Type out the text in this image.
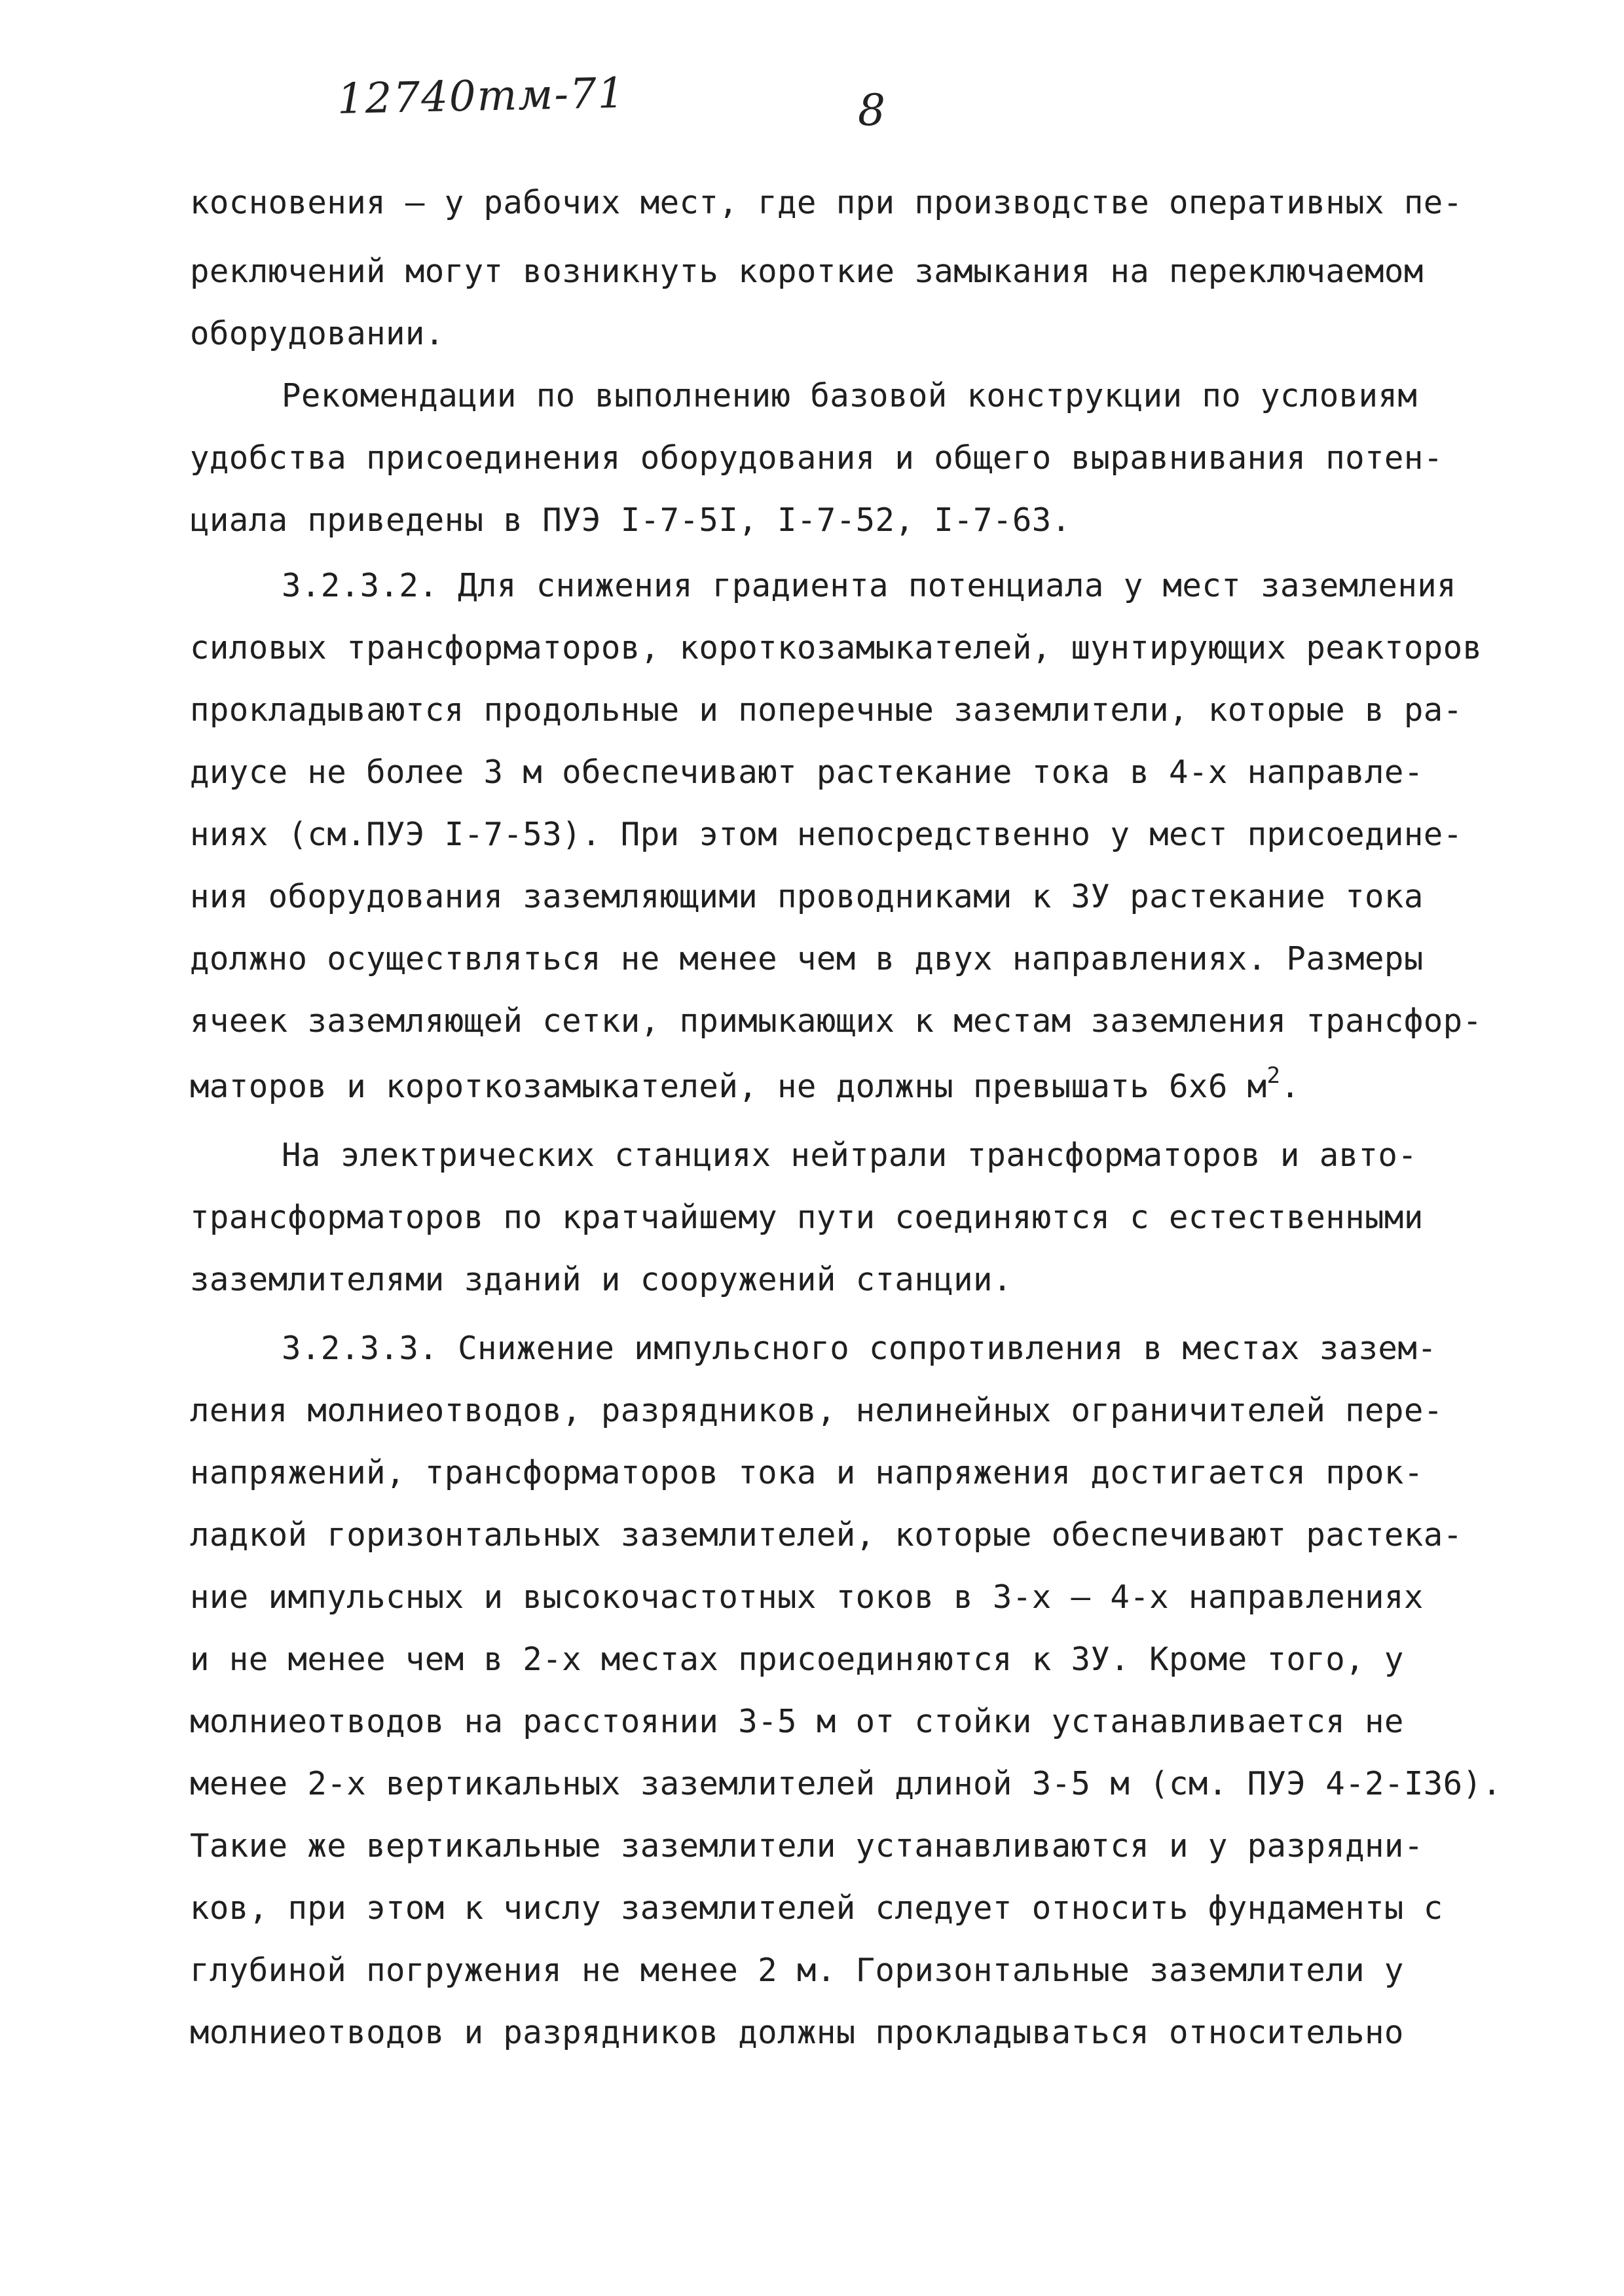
12740тм-71	8
косновения – у рабочих мест, где при производстве оперативных пе-
реключений могут возникнуть короткие замыкания на переключаемом
оборудовании.
Рекомендации по выполнению базовой конструкции по условиям
удобства присоединения оборудования и общего выравнивания потен-
циала приведены в ПУЭ I-7-5I, I-7-52, I-7-63.
3.2.3.2. Для снижения градиента потенциала у мест заземления
силовых трансформаторов, короткозамыкателей, шунтирующих реакторов
прокладываются продольные и поперечные заземлители, которые в ра-
диусе не более 3 м обеспечивают растекание тока в 4-х направле-
ниях (см.ПУЭ I-7-53). При этом непосредственно у мест присоедине-
ния оборудования заземляющими проводниками к ЗУ растекание тока
должно осуществляться не менее чем в двух направлениях. Размеры
ячеек заземляющей сетки, примыкающих к местам заземления трансфор-
маторов и короткозамыкателей, не должны превышать 6х6 $м^2$.
На электрических станциях нейтрали трансформаторов и авто-
трансформаторов по кратчайшему пути соединяются с естественными
заземлителями зданий и сооружений станции.
3.2.3.3. Снижение импульсного сопротивления в местах зазем-
ления молниеотводов, разрядников, нелинейных ограничителей пере-
напряжений, трансформаторов тока и напряжения достигается прок-
ладкой горизонтальных заземлителей, которые обеспечивают растека-
ние импульсных и высокочастотных токов в 3-х – 4-х направлениях
и не менее чем в 2-х местах присоединяются к ЗУ. Кроме того, у
молниеотводов на расстоянии 3-5 м от стойки устанавливается не
менее 2-х вертикальных заземлителей длиной 3-5 м (см. ПУЭ 4-2-I36).
Такие же вертикальные заземлители устанавливаются и у разрядни-
ков, при этом к числу заземлителей следует относить фундаменты с
глубиной погружения не менее 2 м. Горизонтальные заземлители у
молниеотводов и разрядников должны прокладываться относительно
